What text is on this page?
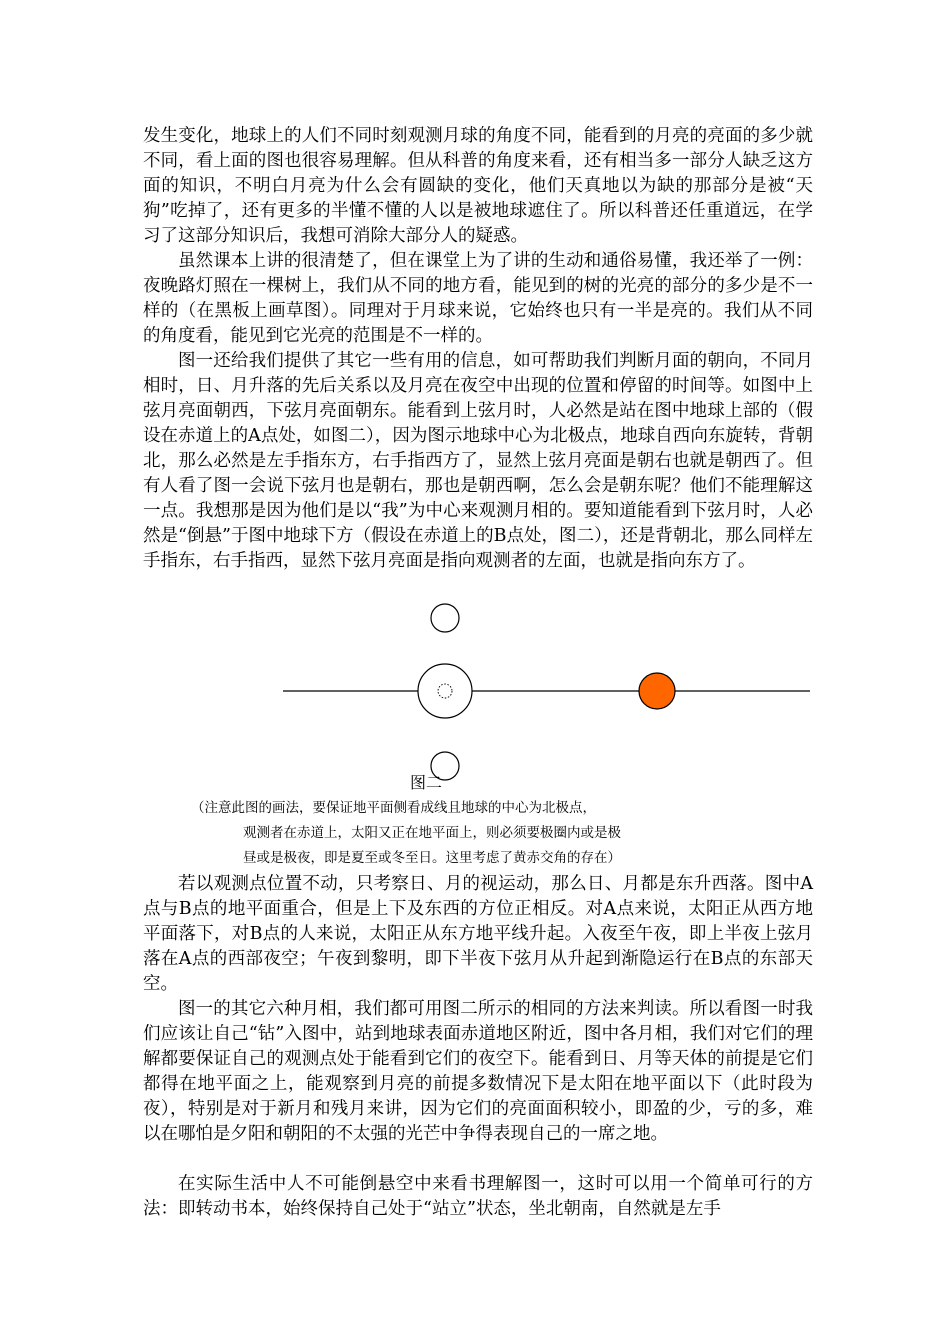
发生变化，地球上的人们不同时刻观测月球的角度不同，能看到的月亮的亮面的多少就不同，看上面的图也很容易理解。但从科普的角度来看，还有相当多一部分人缺乏这方面的知识，不明白月亮为什么会有圆缺的变化，他们天真地以为缺的那部分是被“天狗”吃掉了，还有更多的半懂不懂的人以是被地球遮住了。所以科普还任重道远，在学习了这部分知识后，我想可消除大部分人的疑惑。

虽然课本上讲的很清楚了，但在课堂上为了讲的生动和通俗易懂，我还举了一例：夜晚路灯照在一棵树上，我们从不同的地方看，能见到的树的光亮的部分的多少是不一样的（在黑板上画草图）。同理对于月球来说，它始终也只有一半是亮的。我们从不同的角度看，能见到它光亮的范围是不一样的。

图一还给我们提供了其它一些有用的信息，如可帮助我们判断月面的朝向，不同月相时，日、月升落的先后关系以及月亮在夜空中出现的位置和停留的时间等。如图中上弦月亮面朝西，下弦月亮面朝东。能看到上弦月时，人必然是站在图中地球上部的（假设在赤道上的A点处，如图二），因为图示地球中心为北极点，地球自西向东旋转，背朝北，那么必然是左手指东方，右手指西方了，显然上弦月亮面是朝右也就是朝西了。但有人看了图一会说下弦月也是朝右，那也是朝西啊，怎么会是朝东呢？他们不能理解这一点。我想那是因为他们是以“我”为中心来观测月相的。要知道能看到下弦月时，人必然是“倒悬”于图中地球下方（假设在赤道上的B点处，图二），还是背朝北，那么同样左手指东，右手指西，显然下弦月亮面是指向观测者的左面，也就是指向东方了。

图二

（注意此图的画法，要保证地平面侧看成线且地球的中心为北极点，

观测者在赤道上，太阳又正在地平面上，则必须要极圈内或是极

昼或是极夜，即是夏至或冬至日。这里考虑了黄赤交角的存在）

若以观测点位置不动，只考察日、月的视运动，那么日、月都是东升西落。图中A点与B点的地平面重合，但是上下及东西的方位正相反。对A点来说，太阳正从西方地平面落下，对B点的人来说，太阳正从东方地平线升起。入夜至午夜，即上半夜上弦月落在A点的西部夜空；午夜到黎明，即下半夜下弦月从升起到渐隐运行在B点的东部天空。

图一的其它六种月相，我们都可用图二所示的相同的方法来判读。所以看图一时我们应该让自己“钻”入图中，站到地球表面赤道地区附近，图中各月相，我们对它们的理解都要保证自己的观测点处于能看到它们的夜空下。能看到日、月等天体的前提是它们都得在地平面之上，能观察到月亮的前提多数情况下是太阳在地平面以下（此时段为夜），特别是对于新月和残月来讲，因为它们的亮面面积较小，即盈的少，亏的多，难以在哪怕是夕阳和朝阳的不太强的光芒中争得表现自己的一席之地。

在实际生活中人不可能倒悬空中来看书理解图一，这时可以用一个简单可行的方法：即转动书本，始终保持自己处于“站立”状态，坐北朝南，自然就是左手
